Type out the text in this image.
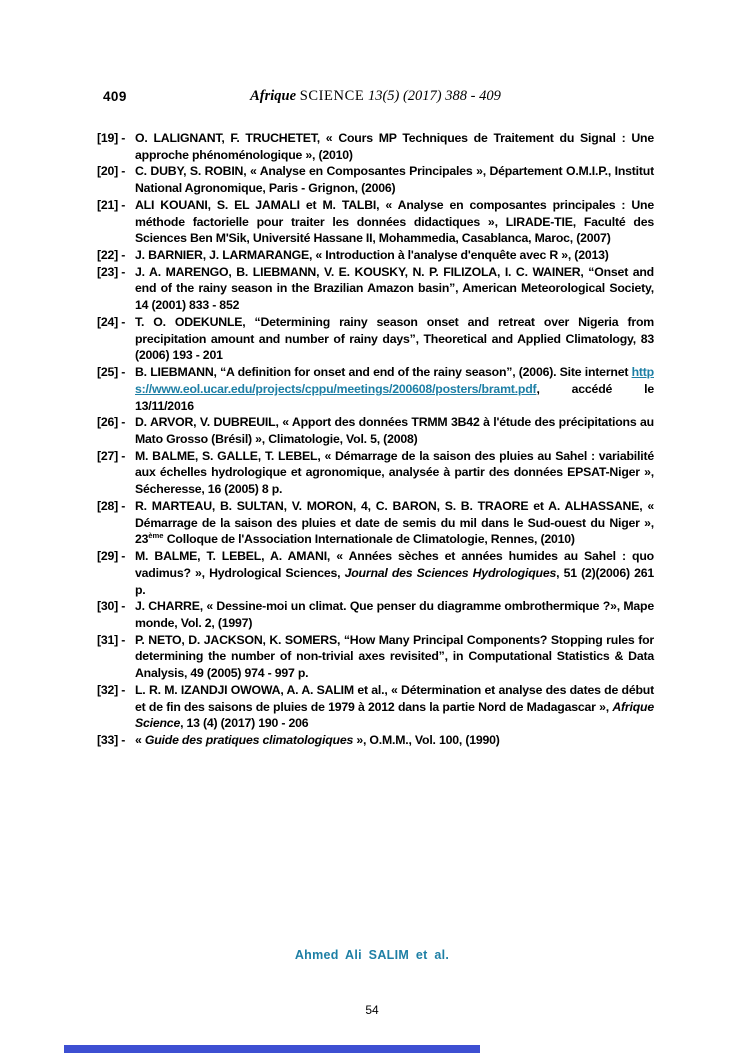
409	Afrique SCIENCE 13(5) (2017) 388 - 409
[19] - O. LALIGNANT, F. TRUCHETET, « Cours MP Techniques de Traitement du Signal : Une approche phénoménologique », (2010)
[20] - C. DUBY, S. ROBIN, « Analyse en Composantes Principales », Département O.M.I.P., Institut National Agronomique, Paris - Grignon, (2006)
[21] - ALI KOUANI, S. EL JAMALI et M. TALBI, « Analyse en composantes principales : Une méthode factorielle pour traiter les données didactiques », LIRADE-TIE, Faculté des Sciences Ben M'Sik, Université Hassane II, Mohammedia, Casablanca, Maroc, (2007)
[22] - J. BARNIER, J. LARMARANGE, « Introduction à l'analyse d'enquête avec R », (2013)
[23] - J. A. MARENGO, B. LIEBMANN, V. E. KOUSKY, N. P. FILIZOLA, I. C. WAINER, “Onset and end of the rainy season in the Brazilian Amazon basin”, American Meteorological Society, 14 (2001) 833 - 852
[24] - T. O. ODEKUNLE, “Determining rainy season onset and retreat over Nigeria from precipitation amount and number of rainy days”, Theoretical and Applied Climatology, 83 (2006) 193 - 201
[25] - B. LIEBMANN, “A definition for onset and end of the rainy season”, (2006). Site internet https://www.eol.ucar.edu/projects/cppu/meetings/200608/posters/bramt.pdf, accédé le 13/11/2016
[26] - D. ARVOR, V. DUBREUIL, « Apport des données TRMM 3B42 à l'étude des précipitations au Mato Grosso (Brésil) », Climatologie, Vol. 5, (2008)
[27] - M. BALME, S. GALLE, T. LEBEL, « Démarrage de la saison des pluies au Sahel : variabilité aux échelles hydrologique et agronomique, analysée à partir des données EPSAT-Niger », Sécheresse, 16 (2005) 8 p.
[28] - R. MARTEAU, B. SULTAN, V. MORON, 4, C. BARON, S. B. TRAORE et A. ALHASSANE, « Démarrage de la saison des pluies et date de semis du mil dans le Sud-ouest du Niger », 23ème Colloque de l'Association Internationale de Climatologie, Rennes, (2010)
[29] - M. BALME, T. LEBEL, A. AMANI, « Années sèches et années humides au Sahel : quo vadimus? », Hydrological Sciences, Journal des Sciences Hydrologiques, 51 (2)(2006) 261 p.
[30] - J. CHARRE, « Dessine-moi un climat. Que penser du diagramme ombrothermique ?», Mape monde, Vol. 2, (1997)
[31] - P. NETO, D. JACKSON, K. SOMERS, “How Many Principal Components? Stopping rules for determining the number of non-trivial axes revisited”, in Computational Statistics & Data Analysis, 49 (2005) 974 - 997 p.
[32] - L. R. M. IZANDJI OWOWA, A. A. SALIM et al., « Détermination et analyse des dates de début et de fin des saisons de pluies de 1979 à 2012 dans la partie Nord de Madagascar », Afrique Science, 13 (4) (2017) 190 - 206
[33] - « Guide des pratiques climatologiques », O.M.M., Vol. 100, (1990)
Ahmed Ali SALIM et al.
54
